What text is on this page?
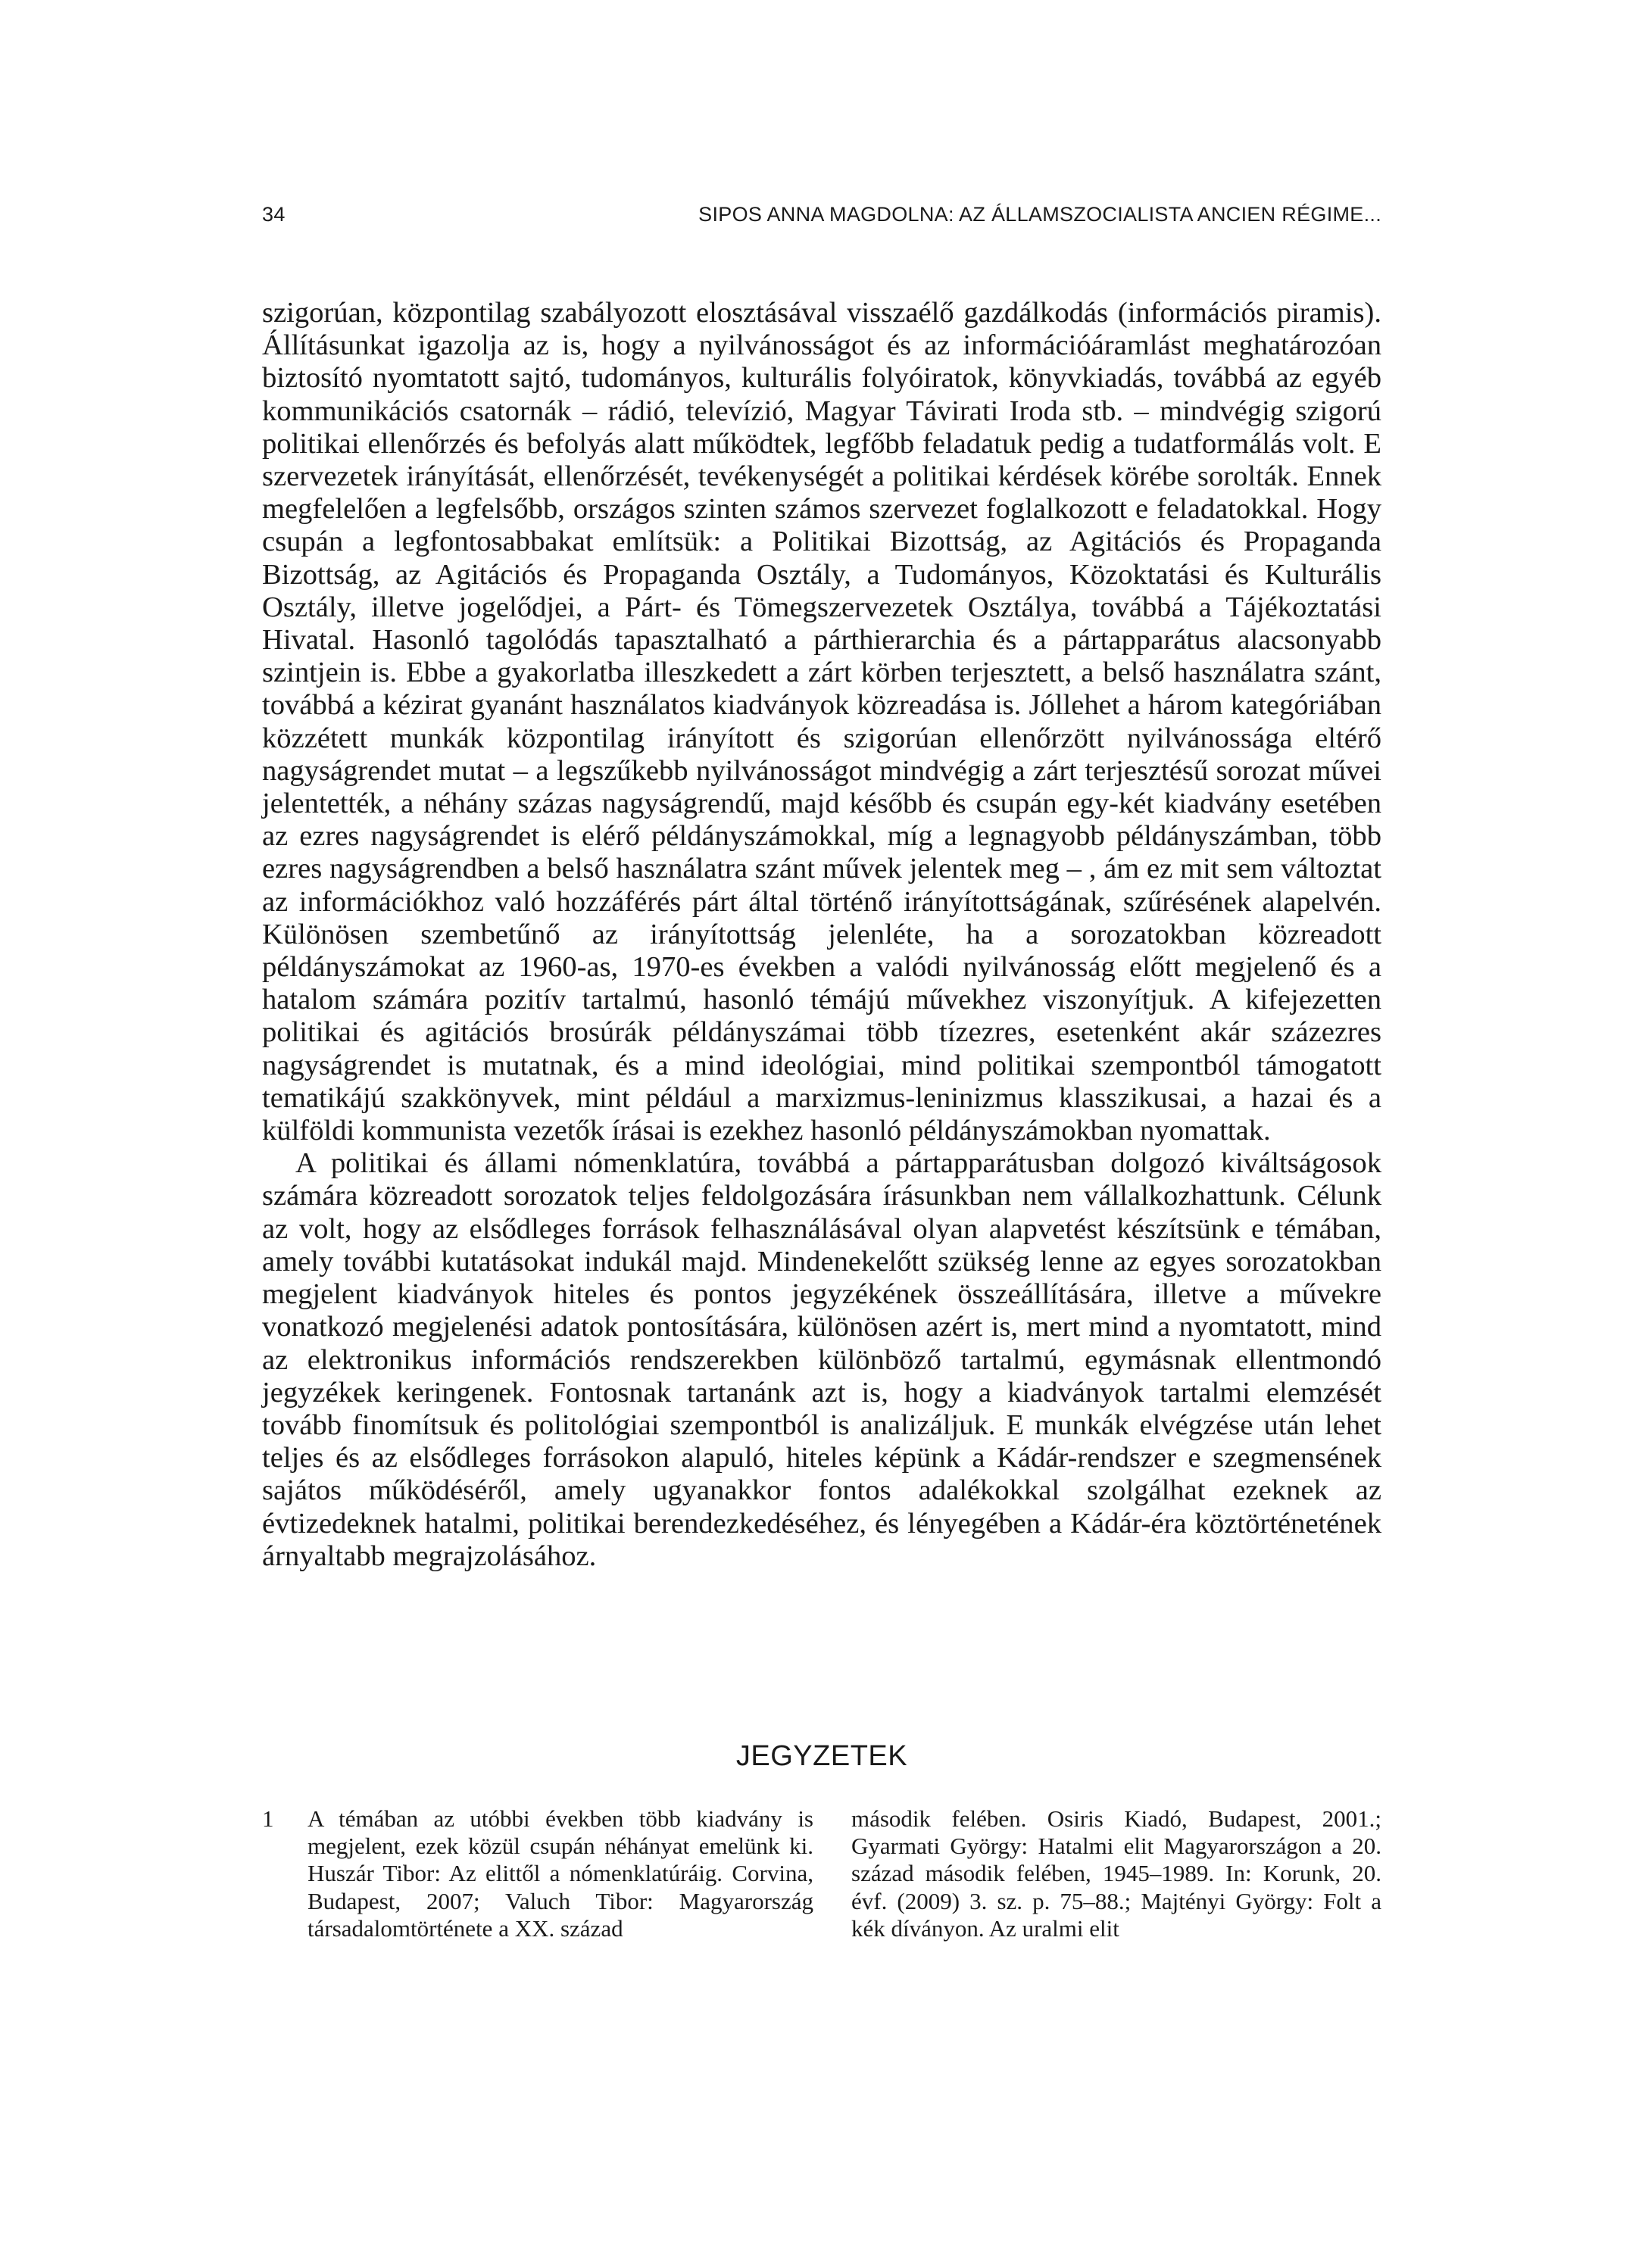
34	SIPOS ANNA MAGDOLNA: AZ ÁLLAMSZOCIALISTA ANCIEN RÉGIME...

szigorúan, központilag szabályozott elosztásával visszaélő gazdálkodás (információs piramis). Állításunkat igazolja az is, hogy a nyilvánosságot és az információáramlást meghatározóan biztosító nyomtatott sajtó, tudományos, kulturális folyóiratok, könyvkiadás, továbbá az egyéb kommunikációs csatornák – rádió, televízió, Magyar Távirati Iroda stb. – mindvégig szigorú politikai ellenőrzés és befolyás alatt működtek, legfőbb feladatuk pedig a tudatformálás volt. E szervezetek irányítását, ellenőrzését, tevékenységét a politikai kérdések körébe sorolták. Ennek megfelelően a legfelsőbb, országos szinten számos szervezet foglalkozott e feladatokkal. Hogy csupán a legfontosabbakat említsük: a Politikai Bizottság, az Agitációs és Propaganda Bizottság, az Agitációs és Propaganda Osztály, a Tudományos, Közoktatási és Kulturális Osztály, illetve jogelődjei, a Párt- és Tömegszervezetek Osztálya, továbbá a Tájékoztatási Hivatal. Hasonló tagolódás tapasztalható a párthierarchia és a pártapparátus alacsonyabb szintjein is. Ebbe a gyakorlatba illeszkedett a zárt körben terjesztett, a belső használatra szánt, továbbá a kézirat gyanánt használatos kiadványok közreadása is. Jóllehet a három kategóriában közzétett munkák központilag irányított és szigorúan ellenőrzött nyilvánossága eltérő nagyságrendet mutat – a legszűkebb nyilvánosságot mindvégig a zárt terjesztésű sorozat művei jelentették, a néhány százas nagyságrendű, majd később és csupán egy-két kiadvány esetében az ezres nagyságrendet is elérő példányszámokkal, míg a legnagyobb példányszámban, több ezres nagyságrendben a belső használatra szánt művek jelentek meg – , ám ez mit sem változtat az információkhoz való hozzáférés párt által történő irányítottságának, szűrésének alapelvén. Különösen szembetűnő az irányítottság jelenléte, ha a sorozatokban közreadott példányszámokat az 1960-as, 1970-es években a valódi nyilvánosság előtt megjelenő és a hatalom számára pozitív tartalmú, hasonló témájú művekhez viszonyítjuk. A kifejezetten politikai és agitációs brosúrák példányszámai több tízezres, esetenként akár százezres nagyságrendet is mutatnak, és a mind ideológiai, mind politikai szempontból támogatott tematikájú szakkönyvek, mint például a marxizmus-leninizmus klasszikusai, a hazai és a külföldi kommunista vezetők írásai is ezekhez hasonló példányszámokban nyomattak.

A politikai és állami nómenklatúra, továbbá a pártapparátusban dolgozó kiváltságosok számára közreadott sorozatok teljes feldolgozására írásunkban nem vállalkozhattunk. Célunk az volt, hogy az elsődleges források felhasználásával olyan alapvetést készítsünk e témában, amely további kutatásokat indukál majd. Mindenekelőtt szükség lenne az egyes sorozatokban megjelent kiadványok hiteles és pontos jegyzékének összeállítására, illetve a művekre vonatkozó megjelenési adatok pontosítására, különösen azért is, mert mind a nyomtatott, mind az elektronikus információs rendszerekben különböző tartalmú, egymásnak ellentmondó jegyzékek keringenek. Fontosnak tartanánk azt is, hogy a kiadványok tartalmi elemzését tovább finomítsuk és politológiai szempontból is analizáljuk. E munkák elvégzése után lehet teljes és az elsődleges forrásokon alapuló, hiteles képünk a Kádár-rendszer e szegmensének sajátos működéséről, amely ugyanakkor fontos adalékokkal szolgálhat ezeknek az évtizedeknek hatalmi, politikai berendezkedéséhez, és lényegében a Kádár-éra köztörténetének árnyaltabb megrajzolásához.

JEGYZETEK
1 A témában az utóbbi években több kiadvány is megjelent, ezek közül csupán néhányat emelünk ki. Huszár Tibor: Az elittől a nómenklatúráig. Corvina, Budapest, 2007; Valuch Tibor: Magyarország társadalomtörténete a XX. század
második felében. Osiris Kiadó, Budapest, 2001.; Gyarmati György: Hatalmi elit Magyarországon a 20. század második felében, 1945–1989. In: Korunk, 20. évf. (2009) 3. sz. p. 75–88.; Majtényi György: Folt a kék díványon. Az uralmi elit
